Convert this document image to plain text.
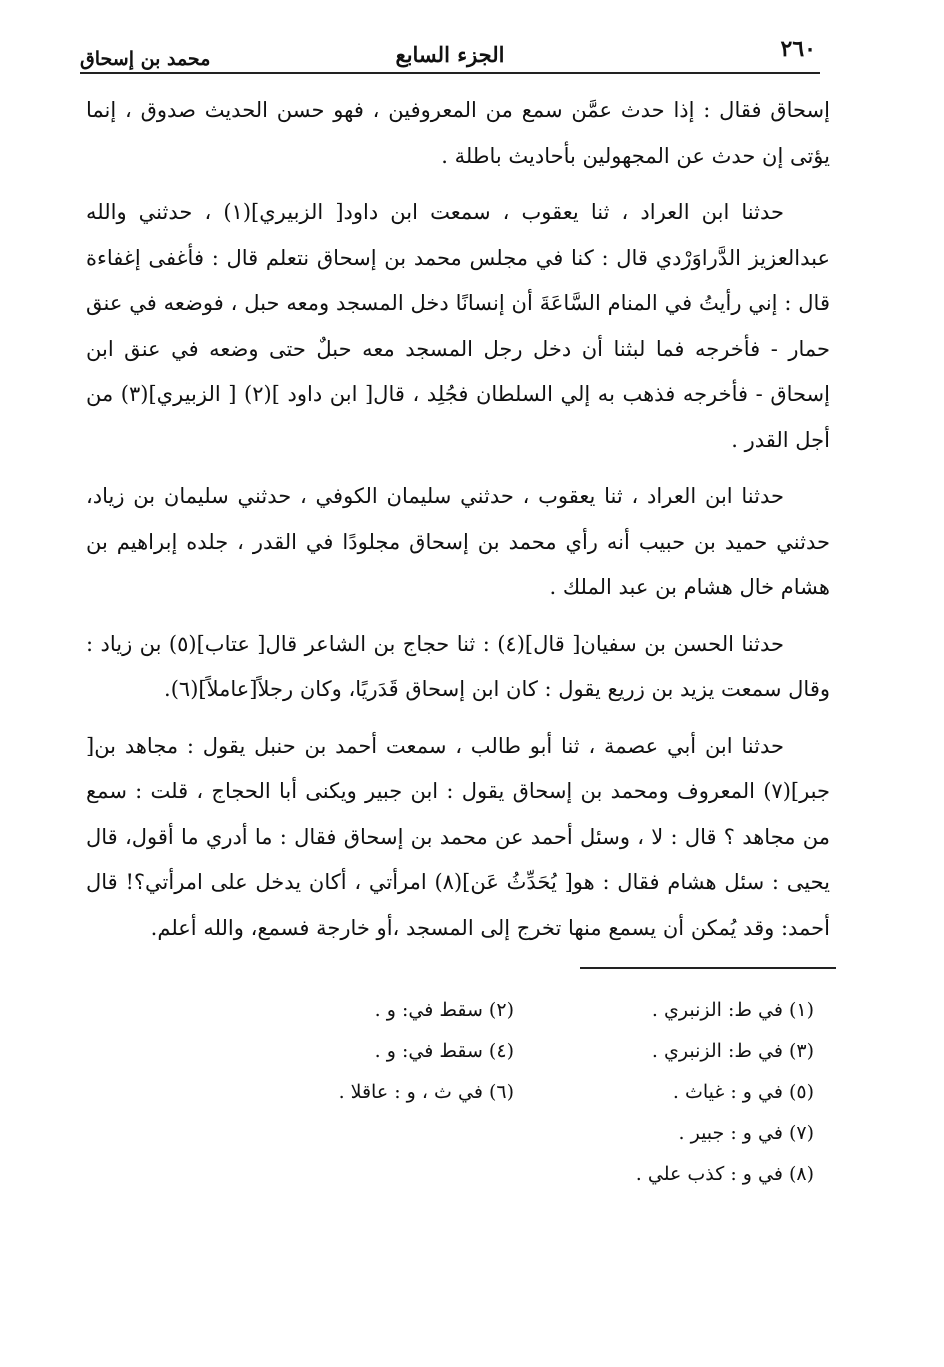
محمد بن إسحاق	الجزء السابع	٢٦٠

إسحاق فقال : إذا حدث عمَّن سمع من المعروفين ، فهو حسن الحديث صدوق ، إنما يؤتى إن حدث عن المجهولين بأحاديث باطلة .

حدثنا ابن العراد ، ثنا يعقوب ، سمعت ابن داود[ الزبيري](١) ، حدثني والله عبدالعزيز الدَّراوَرْدي قال : كنا في مجلس محمد بن إسحاق نتعلم قال : فأغفى إغفاءة قال : إني رأيتُ في المنام السَّاعَةَ أن إنسانًا دخل المسجد ومعه حبل ، فوضعه في عنق حمار - فأخرجه فما لبثنا أن دخل رجل المسجد معه حبلٌ حتى وضعه في عنق ابن إسحاق - فأخرجه فذهب به إلي السلطان فجُلِد ، قال[ ابن داود ](٢) [ الزبيري](٣) من أجل القدر .

حدثنا ابن العراد ، ثنا يعقوب ، حدثني سليمان الكوفي ، حدثني سليمان بن زياد، حدثني حميد بن حبيب أنه رأي محمد بن إسحاق مجلودًا في القدر ، جلده إبراهيم بن هشام خال هشام بن عبد الملك .

حدثنا الحسن بن سفيان[ قال](٤) : ثنا حجاج بن الشاعر قال[ عتاب](٥) بن زياد : وقال سمعت يزيد بن زريع يقول : كان ابن إسحاق قَدَريًا، وكان رجلاً[عاملاً](٦).

حدثنا ابن أبي عصمة ، ثنا أبو طالب ، سمعت أحمد بن حنبل يقول : مجاهد بن[ جبر](٧) المعروف ومحمد بن إسحاق يقول : ابن جبير ويكنى أبا الحجاج ، قلت : سمع من مجاهد ؟ قال : لا ، وسئل أحمد عن محمد بن إسحاق فقال : ما أدري ما أقول، قال يحيى : سئل هشام فقال : هو[ يُحَدِّثُ عَن](٨) امرأتي ، أكان يدخل على امرأتي؟! قال أحمد: وقد يُمكن أن يسمع منها تخرج إلى المسجد ،أو خارجة فسمع، والله أعلم.

(١) في ط: الزنبري .
(٣) في ط: الزنبري .
(٥) في و : غياث .
(٧) في و : جبير .
(٨) في و : كذب علي .
(٢) سقط في: و .
(٤) سقط في: و .
(٦) في ث ، و : عاقلا .
